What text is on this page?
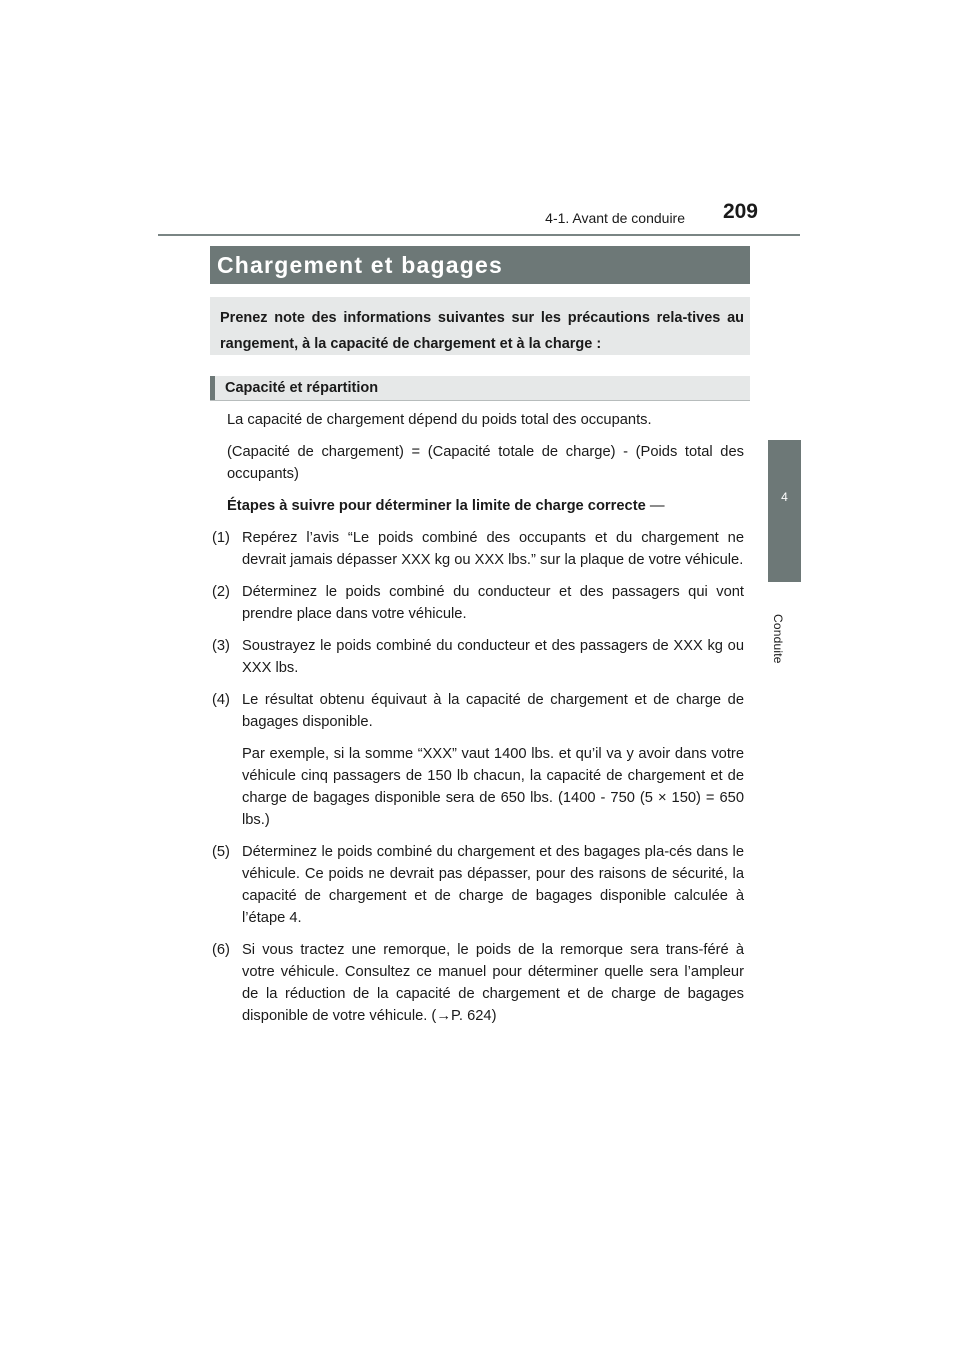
4-1. Avant de conduire 209
4
Conduite
Chargement et bagages
Prenez note des informations suivantes sur les précautions rela-tives au rangement, à la capacité de chargement et à la charge :
Capacité et répartition

La capacité de chargement dépend du poids total des occupants.

(Capacité de chargement) = (Capacité totale de charge) - (Poids total des occupants)

Étapes à suivre pour déterminer la limite de charge correcte —

(1) Repérez l’avis “Le poids combiné des occupants et du chargement ne devrait jamais dépasser XXX kg ou XXX lbs.” sur la plaque de votre véhicule.
(2) Déterminez le poids combiné du conducteur et des passagers qui vont prendre place dans votre véhicule.
(3) Soustrayez le poids combiné du conducteur et des passagers de XXX kg ou XXX lbs.
(4) Le résultat obtenu équivaut à la capacité de chargement et de charge de bagages disponible.

Par exemple, si la somme “XXX” vaut 1400 lbs. et qu’il va y avoir dans votre véhicule cinq passagers de 150 lb chacun, la capacité de chargement et de charge de bagages disponible sera de 650 lbs. (1400 - 750 (5 × 150) = 650 lbs.)

(5) Déterminez le poids combiné du chargement et des bagages pla-cés dans le véhicule. Ce poids ne devrait pas dépasser, pour des raisons de sécurité, la capacité de chargement et de charge de bagages disponible calculée à l’étape 4.
(6) Si vous tractez une remorque, le poids de la remorque sera trans-féré à votre véhicule. Consultez ce manuel pour déterminer quelle sera l’ampleur de la réduction de la capacité de chargement et de charge de bagages disponible de votre véhicule. (→P. 624)
